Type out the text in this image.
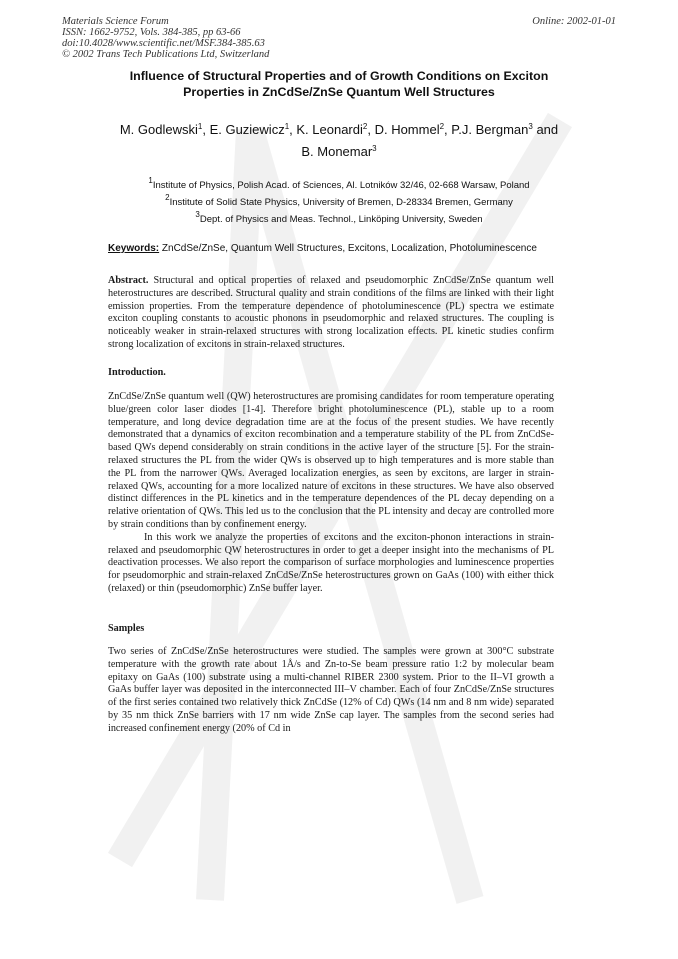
Materials Science Forum
ISSN: 1662-9752, Vols. 384-385, pp 63-66
doi:10.4028/www.scientific.net/MSF.384-385.63
© 2002 Trans Tech Publications Ltd, Switzerland
Online: 2002-01-01
Influence of Structural Properties and of Growth Conditions on Exciton
Properties in ZnCdSe/ZnSe Quantum Well Structures
M. Godlewski$^1$, E. Guziewicz$^1$, K. Leonardi$^2$, D. Hommel$^2$, P.J. Bergman$^3$ and
B. Monemar$^3$
$^1$Institute of Physics, Polish Acad. of Sciences, Al. Lotników 32/46, 02-668 Warsaw, Poland
$^2$Institute of Solid State Physics, University of Bremen, D-28334 Bremen, Germany
$^3$Dept. of Physics and Meas. Technol., Linköping University, Sweden
Keywords: ZnCdSe/ZnSe, Quantum Well Structures, Excitons, Localization, Photoluminescence
Abstract. Structural and optical properties of relaxed and pseudomorphic ZnCdSe/ZnSe quantum well heterostructures are described. Structural quality and strain conditions of the films are linked with their light emission properties. From the temperature dependence of photoluminescence (PL) spectra we estimate exciton coupling constants to acoustic phonons in pseudomorphic and relaxed structures. The coupling is noticeably weaker in strain-relaxed structures with strong localization effects. PL kinetic studies confirm strong localization of excitons in strain-relaxed structures.
Introduction.
ZnCdSe/ZnSe quantum well (QW) heterostructures are promising candidates for room temperature operating blue/green color laser diodes [1-4]. Therefore bright photoluminescence (PL), stable up to a room temperature, and long device degradation time are at the focus of the present studies. We have recently demonstrated that a dynamics of exciton recombination and a temperature stability of the PL from ZnCdSe-based QWs depend considerably on strain conditions in the active layer of the structure [5]. For the strain-relaxed structures the PL from the wider QWs is observed up to high temperatures and is more stable than the PL from the narrower QWs. Averaged localization energies, as seen by excitons, are larger in strain-relaxed QWs, accounting for a more localized nature of excitons in these structures. We have also observed distinct differences in the PL kinetics and in the temperature dependences of the PL decay depending on a relative orientation of QWs. This led us to the conclusion that the PL intensity and decay are controlled more by strain conditions than by confinement energy.
In this work we analyze the properties of excitons and the exciton-phonon interactions in strain-relaxed and pseudomorphic QW heterostructures in order to get a deeper insight into the mechanisms of PL deactivation processes. We also report the comparison of surface morphologies and luminescence properties for pseudomorphic and strain-relaxed ZnCdSe/ZnSe heterostructures grown on GaAs (100) with either thick (relaxed) or thin (pseudomorphic) ZnSe buffer layer.
Samples
Two series of ZnCdSe/ZnSe heterostructures were studied. The samples were grown at 300°C substrate temperature with the growth rate about 1Å/s and Zn-to-Se beam pressure ratio 1:2 by molecular beam epitaxy on GaAs (100) substrate using a multi-channel RIBER 2300 system. Prior to the II–VI growth a GaAs buffer layer was deposited in the interconnected III–V chamber. Each of four ZnCdSe/ZnSe structures of the first series contained two relatively thick ZnCdSe (12% of Cd) QWs (14 nm and 8 nm wide) separated by 35 nm thick ZnSe barriers with 17 nm wide ZnSe cap layer. The samples from the second series had increased confinement energy (20% of Cd in
